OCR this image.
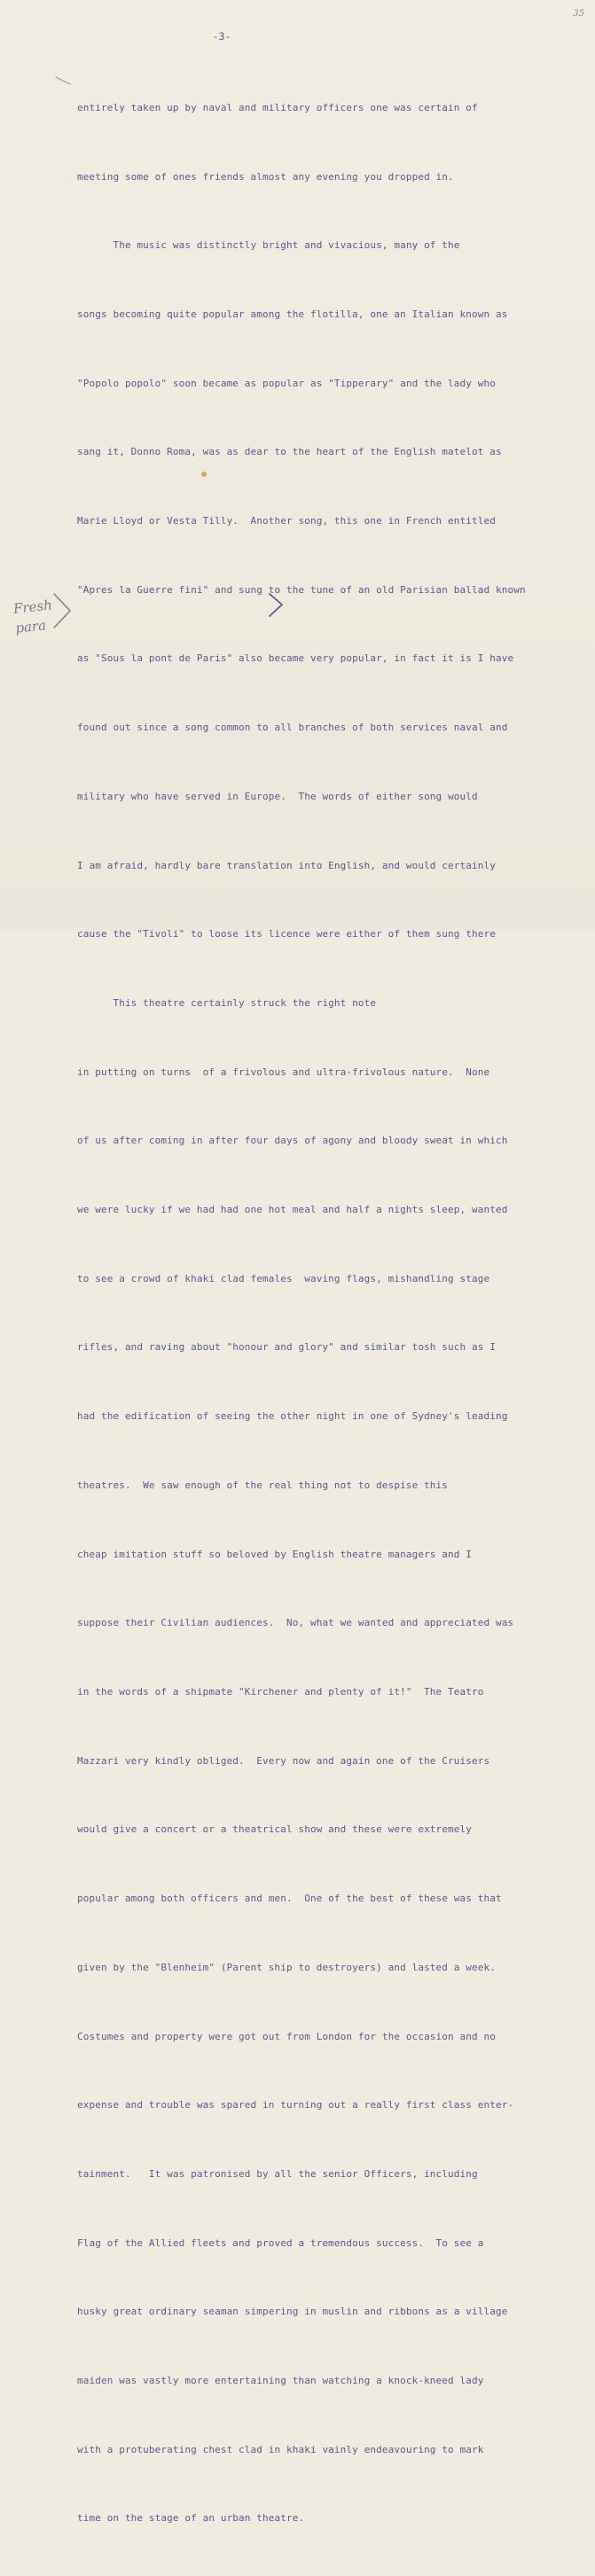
35
-3-

entirely taken up by naval and military officers one was certain of

meeting some of ones friends almost any evening you dropped in.

The music was distinctly bright and vivacious, many of the

songs becoming quite popular among the flotilla, one an Italian known as

"Popolo popolo" soon became as popular as "Tipperary" and the lady who

sang it, Donno Roma, was as dear to the heart of the English matelot as

Marie Lloyd or Vesta Tilly.  Another song, this one in French entitled

"Apres la Guerre fini" and sung to the tune of an old Parisian ballad known

as "Sous la pont de Paris" also became very popular, in fact it is I have

found out since a song common to all branches of both services naval and

military who have served in Europe.  The words of either song would

I am afraid, hardly bare translation into English, and would certainly

cause the "Tivoli" to loose its licence were either of them sung there

This theatre certainly struck the right note

in putting on turns  of a frivolous and ultra-frivolous nature.  None

of us after coming in after four days of agony and bloody sweat in which

we were lucky if we had had one hot meal and half a nights sleep, wanted

to see a crowd of khaki clad females  waving flags, mishandling stage

rifles, and raving about "honour and glory" and similar tosh such as I

had the edification of seeing the other night in one of Sydney's leading

theatres.  We saw enough of the real thing not to despise this

cheap imitation stuff so beloved by English theatre managers and I

suppose their Civilian audiences.  No, what we wanted and appreciated was

in the words of a shipmate "Kirchener and plenty of it!"  The Teatro

Mazzari very kindly obliged.  Every now and again one of the Cruisers

would give a concert or a theatrical show and these were extremely

popular among both officers and men.  One of the best of these was that

given by the "Blenheim" (Parent ship to destroyers) and lasted a week.

Costumes and property were got out from London for the occasion and no

expense and trouble was spared in turning out a really first class enter-

tainment.   It was patronised by all the senior Officers, including

Flag of the Allied fleets and proved a tremendous success.  To see a

husky great ordinary seaman simpering in muslin and ribbons as a village

maiden was vastly more entertaining than watching a knock-kneed lady

with a protuberating chest clad in khaki vainly endeavouring to mark

time on the stage of an urban theatre.

Fresh
para
